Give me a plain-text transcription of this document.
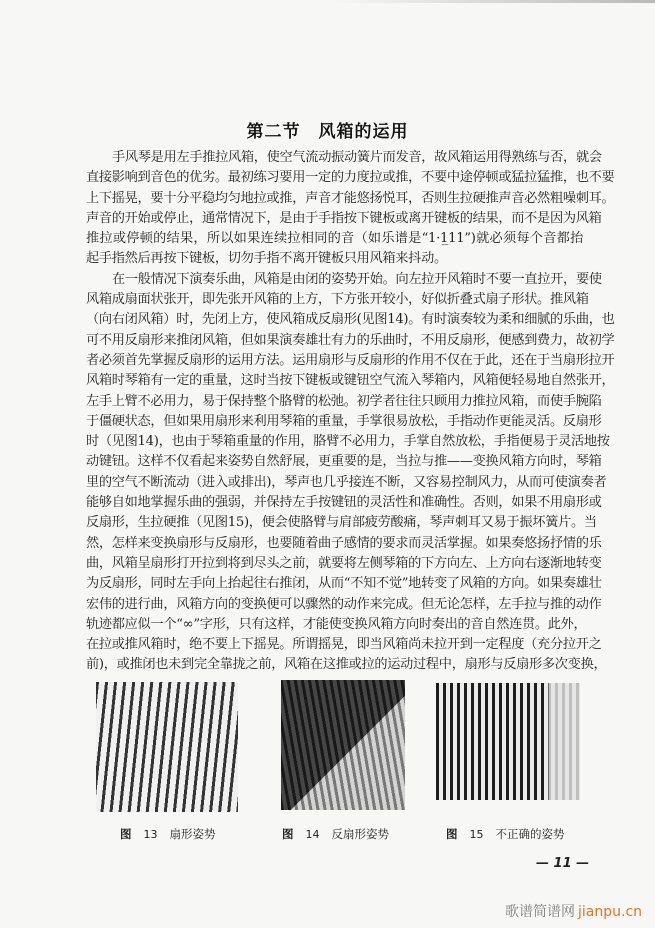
第二节　风箱的运用
手风琴是用左手推拉风箱，使空气流动振动簧片而发音，故风箱运用得熟练与否，就会
直接影响到音色的优劣。最初练习要用一定的力度拉或推，不要中途停顿或猛拉猛推，也不要
上下摇晃，要十分平稳均匀地拉或推，声音才能悠扬悦耳，否则生拉硬推声音必然粗噪刺耳。
声音的开始或停止，通常情况下，是由于手指按下键板或离开键板的结果，而不是因为风箱
推拉或停顿的结果，所以如果连续拉相同的音（如乐谱是“1·1̲11”)就必须每个音都抬
起手指然后再按下键板，切勿手指不离开键板只用风箱来抖动。
在一般情况下演奏乐曲，风箱是由闭的姿势开始。向左拉开风箱时不要一直拉开，要使
风箱成扇面状张开，即先张开风箱的上方，下方张开较小，好似折叠式扇子形状。推风箱
（向右闭风箱）时，先闭上方，使风箱成反扇形(见图14)。有时演奏较为柔和细腻的乐曲，也
可不用反扇形来推闭风箱，但如果演奏雄壮有力的乐曲时，不用反扇形，便感到费力，故初学
者必须首先掌握反扇形的运用方法。运用扇形与反扇形的作用不仅在于此，还在于当扇形拉开
风箱时琴箱有一定的重量，这时当按下键板或键钮空气流入琴箱内，风箱便轻易地自然张开，
左手上臂不必用力，易于保持整个胳臂的松弛。初学者往往只顾用力推拉风箱，而使手腕陷
于僵硬状态，但如果用扇形来利用琴箱的重量，手掌很易放松，手指动作更能灵活。反扇形
时（见图14)，也由于琴箱重量的作用，胳臂不必用力，手掌自然放松，手指便易于灵活地按
动键钮。这样不仅看起来姿势自然舒展，更重要的是，当拉与推——变换风箱方向时，琴箱
里的空气不断流动（进入或排出)，琴声也几乎接连不断，又容易控制风力，从而可使演奏者
能够自如地掌握乐曲的强弱，并保持左手按键钮的灵活性和准确性。否则，如果不用扇形或
反扇形，生拉硬推（见图15)，便会使胳臂与肩部疲劳酸痛，琴声刺耳又易于振坏簧片。当
然，怎样来变换扇形与反扇形，也要随着曲子感情的要求而灵活掌握。如果奏悠扬抒情的乐
曲，风箱呈扇形打开拉到将到尽头之前，就要将左侧琴箱的下方向左、上方向右逐渐地转变
为反扇形，同时左手向上抬起往右推闭，从而“不知不觉”地转变了风箱的方向。如果奏雄壮
宏伟的进行曲，风箱方向的变换便可以骤然的动作来完成。但无论怎样，左手拉与推的动作
轨迹都应似一个“∞”字形，只有这样，才能使变换风箱方向时奏出的音自然连贯。此外，
在拉或推风箱时，绝不要上下摇晃。所谓摇晃，即当风箱尚未拉开到一定程度（充分拉开之
前)，或推闭也未到完全靠拢之前，风箱在这推或拉的运动过程中，扇形与反扇形多次变换，
图 13 扇形姿势	图 14 反扇形姿势	图 15 不正确的姿势
— 11 —
歌谱简谱网 jianpu.cn
